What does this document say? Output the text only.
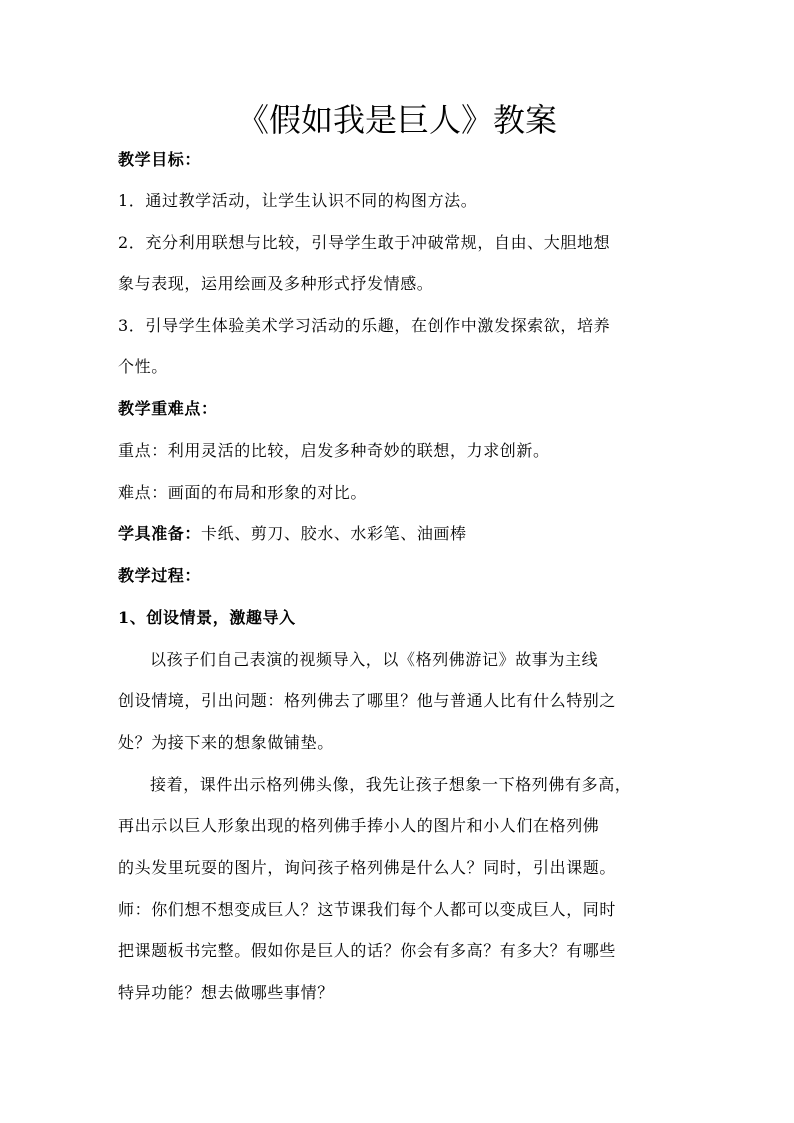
《假如我是巨人》教案
教学目标：
1．通过教学活动，让学生认识不同的构图方法。
2．充分利用联想与比较，引导学生敢于冲破常规，自由、大胆地想
象与表现，运用绘画及多种形式抒发情感。
3．引导学生体验美术学习活动的乐趣，在创作中激发探索欲，培养
个性。
教学重难点：
重点：利用灵活的比较，启发多种奇妙的联想，力求创新。
难点：画面的布局和形象的对比。
学具准备：卡纸、剪刀、胶水、水彩笔、油画棒
教学过程：
1、创设情景，激趣导入
以孩子们自己表演的视频导入，以《格列佛游记》故事为主线
创设情境，引出问题：格列佛去了哪里？他与普通人比有什么特别之
处？为接下来的想象做铺垫。
接着，课件出示格列佛头像，我先让孩子想象一下格列佛有多高，
再出示以巨人形象出现的格列佛手捧小人的图片和小人们在格列佛
的头发里玩耍的图片，询问孩子格列佛是什么人？同时，引出课题。
师：你们想不想变成巨人？这节课我们每个人都可以变成巨人，同时
把课题板书完整。假如你是巨人的话？你会有多高？有多大？有哪些
特异功能？想去做哪些事情？
